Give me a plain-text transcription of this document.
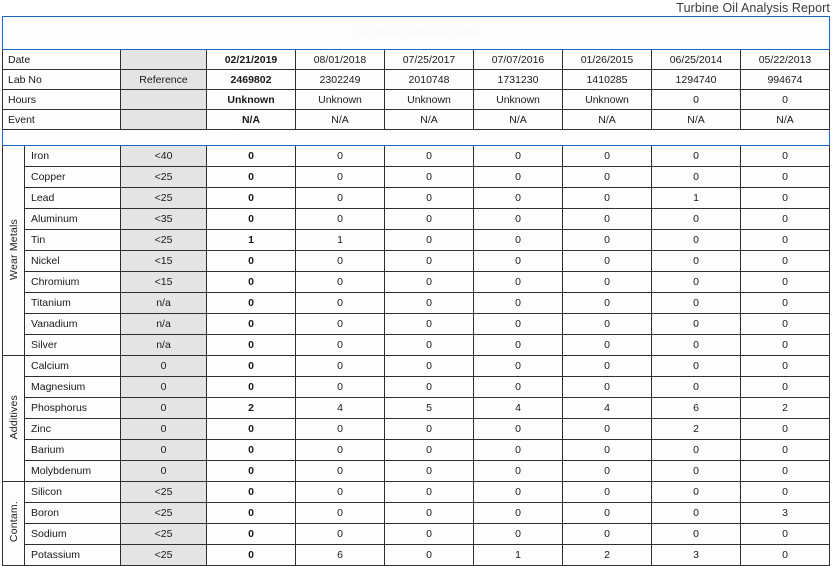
Turbine Oil Analysis Report
Test Data Summary Table									
Date			02/21/2019	08/01/2018	07/25/2017	07/07/2016	01/26/2015	06/25/2014	05/22/2013
Lab No		Reference	2469802	2302249	2010748	1731230	1410285	1294740	994674
Hours			Unknown	Unknown	Unknown	Unknown	Unknown	0	0
Event			N/A	N/A	N/A	N/A	N/A	N/A	N/A
SPECTROSCOPIC ANALYSIS (Reported in ppm) ASTM D5185 MOD									
Wear Metals	Iron	<40	0	0	0	0	0	0	0
	Copper	<25	0	0	0	0	0	0	0
	Lead	<25	0	0	0	0	0	1	0
	Aluminum	<35	0	0	0	0	0	0	0
	Tin	<25	1	1	0	0	0	0	0
	Nickel	<15	0	0	0	0	0	0	0
	Chromium	<15	0	0	0	0	0	0	0
	Titanium	n/a	0	0	0	0	0	0	0
	Vanadium	n/a	0	0	0	0	0	0	0
	Silver	n/a	0	0	0	0	0	0	0
Additives	Calcium	0	0	0	0	0	0	0	0
	Magnesium	0	0	0	0	0	0	0	0
	Phosphorus	0	2	4	5	4	4	6	2
	Zinc	0	0	0	0	0	0	2	0
	Barium	0	0	0	0	0	0	0	0
	Molybdenum	0	0	0	0	0	0	0	0
Contam.	Silicon	<25	0	0	0	0	0	0	0
	Boron	<25	0	0	0	0	0	0	3
	Sodium	<25	0	0	0	0	0	0	0
	Potassium	<25	0	6	0	1	2	3	0
